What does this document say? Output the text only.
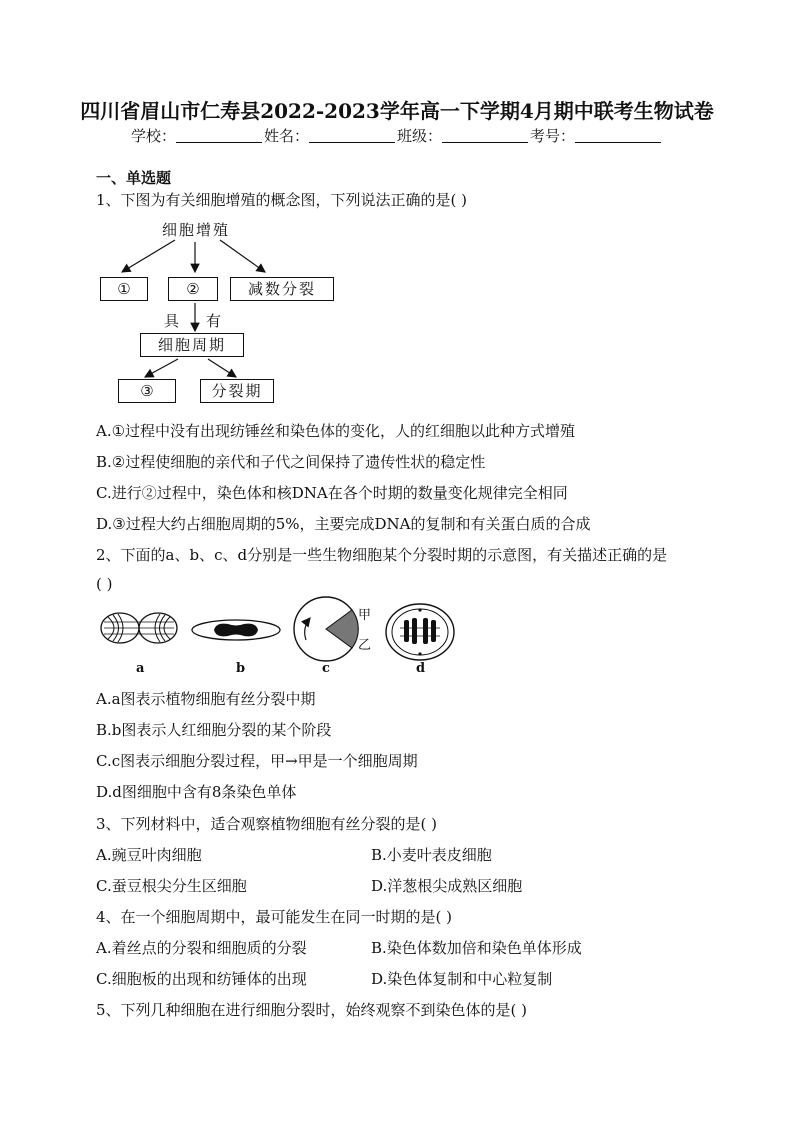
四川省眉山市仁寿县2022-2023学年高一下学期4月期中联考生物试卷
学校：	姓名：	班级：	考号：
一、单选题
1、下图为有关细胞增殖的概念图，下列说法正确的是( )
细胞增殖
①	②	减数分裂
具 有
细胞周期
③	分裂期
A.①过程中没有出现纺锤丝和染色体的变化，人的红细胞以此种方式增殖
B.②过程使细胞的亲代和子代之间保持了遗传性状的稳定性
C.进行②过程中，染色体和核DNA在各个时期的数量变化规律完全相同
D.③过程大约占细胞周期的5%，主要完成DNA的复制和有关蛋白质的合成
2、下面的a、b、c、d分别是一些生物细胞某个分裂时期的示意图，有关描述正确的是
( )
甲
乙
a	b	c	d
A.a图表示植物细胞有丝分裂中期
B.b图表示人红细胞分裂的某个阶段
C.c图表示细胞分裂过程，甲→甲是一个细胞周期
D.d图细胞中含有8条染色单体
3、下列材料中，适合观察植物细胞有丝分裂的是( )
A.豌豆叶肉细胞	B.小麦叶表皮细胞
C.蚕豆根尖分生区细胞	D.洋葱根尖成熟区细胞
4、在一个细胞周期中，最可能发生在同一时期的是( )
A.着丝点的分裂和细胞质的分裂	B.染色体数加倍和染色单体形成
C.细胞板的出现和纺锤体的出现	D.染色体复制和中心粒复制
5、下列几种细胞在进行细胞分裂时，始终观察不到染色体的是( )
